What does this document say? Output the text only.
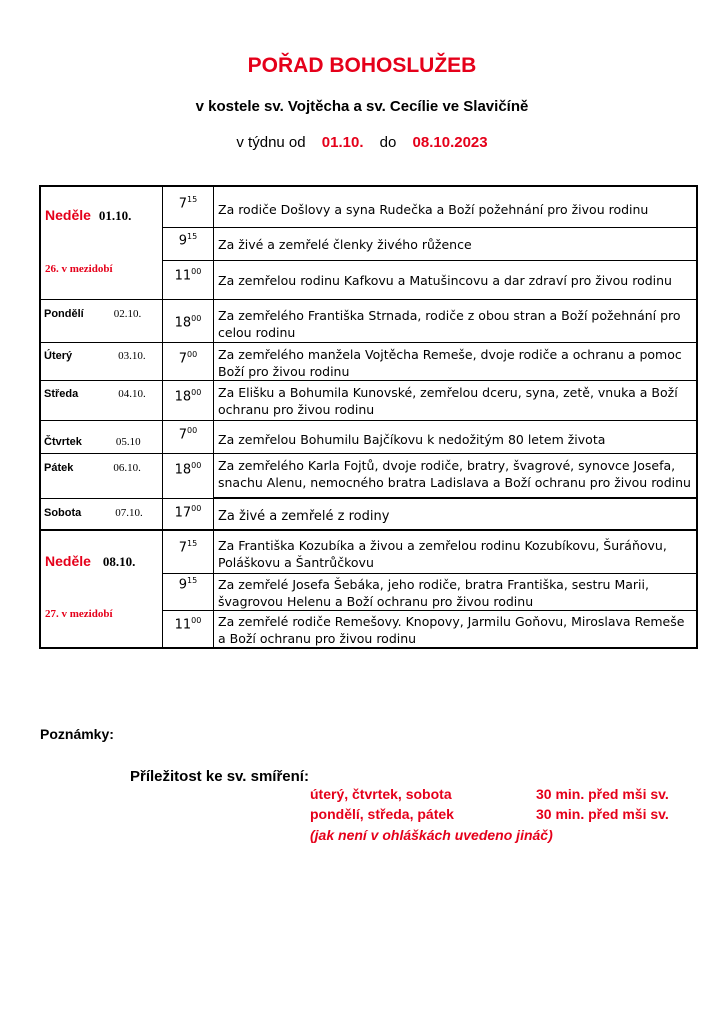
POŘAD BOHOSLUŽEB
v kostele sv. Vojtěcha a sv. Cecílie ve Slavičíně
v týdnu od 01.10. do 08.10.2023
Neděle 01.10.
26. v mezidobí	$7^{15}$	Za rodiče Došlovy a syna Rudečka a Boží požehnání pro živou rodinu

	$9^{15}$	Za živé a zemřelé členky živého růžence

	$11^{00}$	Za zemřelou rodinu Kafkovu a Matušincovu a dar zdraví pro živou rodinu

Pondělí 02.10.	$18^{00}$	Za zemřelého Františka Strnada, rodiče z obou stran a Boží požehnání pro celou rodinu

Úterý 03.10.	$7^{00}$	Za zemřelého manžela Vojtěcha Remeše, dvoje rodiče a ochranu a pomoc Boží pro živou rodinu

Středa 04.10.	$18^{00}$	Za Elišku a Bohumila Kunovské, zemřelou dceru, syna, zetě, vnuka a Boží ochranu pro živou rodinu

Čtvrtek 05.10	$7^{00}$	Za zemřelou Bohumilu Bajčíkovu k nedožitým 80 letem života

Pátek 06.10.	$18^{00}$	Za zemřelého Karla Fojtů, dvoje rodiče, bratry, švagrové, synovce Josefa, snachu Alenu, nemocného bratra Ladislava a Boží ochranu pro živou rodinu

Sobota 07.10.	$17^{00}$	Za živé a zemřelé z rodiny

Neděle 08.10.
27. v mezidobí	$7^{15}$	Za Františka Kozubíka a živou a zemřelou rodinu Kozubíkovu, Šuráňovu, Poláškovu a Šantrůčkovu

	$9^{15}$	Za zemřelé Josefa Šebáka, jeho rodiče, bratra Františka, sestru Marii, švagrovou Helenu a Boží ochranu pro živou rodinu

	$11^{00}$	Za zemřelé rodiče Remešovy. Knopovy, Jarmilu Goňovu, Miroslava Remeše a Boží ochranu pro živou rodinu
Poznámky:
Příležitost ke sv. smíření:
úterý, čtvrtek, sobota	30 min. před mši sv.
pondělí, středa, pátek	30 min. před mši sv.
(jak není v ohláškách uvedeno jináč)
